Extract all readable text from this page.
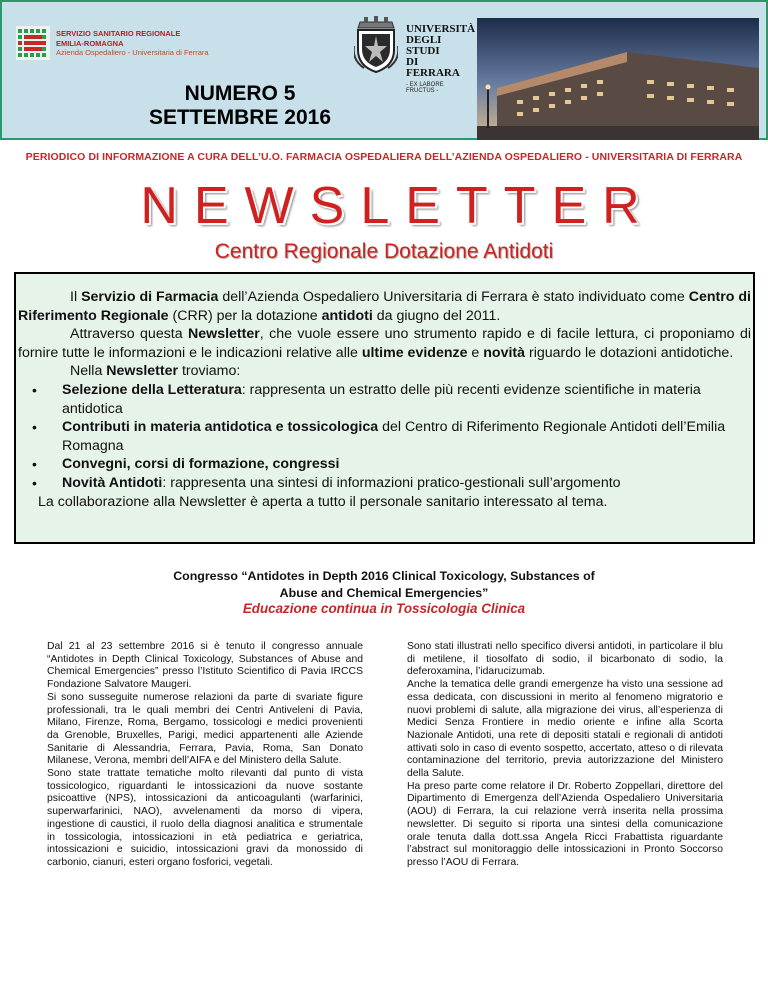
SERVIZIO SANITARIO REGIONALE
EMILIA-ROMAGNA
Azienda Ospedaliero - Universitaria di Ferrara
UNIVERSITÀ
DEGLI STUDI
DI FERRARA
- EX LABORE FRUCTUS -
NUMERO 5
SETTEMBRE 2016
PERIODICO DI INFORMAZIONE A CURA DELL’U.O. FARMACIA OSPEDALIERA DELL’AZIENDA OSPEDALIERO - UNIVERSITARIA DI FERRARA
NEWSLETTER
Centro Regionale Dotazione Antidoti

Il Servizio di Farmacia dell’Azienda Ospedaliero Universitaria di Ferrara è stato individuato come Centro di Riferimento Regionale (CRR) per la dotazione antidoti da giugno del 2011.

Attraverso questa Newsletter, che vuole essere uno strumento rapido e di facile lettura, ci proponiamo di fornire tutte le informazioni e le indicazioni relative alle ultime evidenze e novità riguardo le dotazioni antidotiche.

Nella Newsletter troviamo:

• Selezione della Letteratura: rappresenta un estratto delle più recenti evidenze scientifiche in materia antidotica
• Contributi in materia antidotica e tossicologica del Centro di Riferimento Regionale Antidoti dell’Emilia Romagna
• Convegni, corsi di formazione, congressi
• Novità Antidoti: rappresenta una sintesi di informazioni pratico-gestionali sull’argomento

La collaborazione alla Newsletter è aperta a tutto il personale sanitario interessato al tema.

Congresso “Antidotes in Depth 2016 Clinical Toxicology, Substances of
Abuse and Chemical Emergencies”
Educazione continua in Tossicologia Clinica
Dal 21 al 23 settembre 2016 si è tenuto il congresso annuale “Antidotes in Depth Clinical Toxicology, Substances of Abuse and Chemical Emergencies” presso l’Istituto Scientifico di Pavia IRCCS Fondazione Salvatore Maugeri.
Si sono susseguite numerose relazioni da parte di svariate figure professionali, tra le quali membri dei Centri Antiveleni di Pavia, Milano, Firenze, Roma, Bergamo, tossicologi e medici provenienti da Grenoble, Bruxelles, Parigi, medici appartenenti alle Aziende Sanitarie di Alessandria, Ferrara, Pavia, Roma, San Donato Milanese, Verona, membri dell’AIFA e del Ministero della Salute.
Sono state trattate tematiche molto rilevanti dal punto di vista tossicologico, riguardanti le intossicazioni da nuove sostante psicoattive (NPS), intossicazioni da anticoagulanti (warfarinici, superwarfarinici, NAO), avvelenamenti da morso di vipera, ingestione di caustici, il ruolo della diagnosi analitica e strumentale in tossicologia, intossicazioni in età pediatrica e geriatrica, intossicazioni e suicidio, intossicazioni gravi da monossido di carbonio, cianuri, esteri organo fosforici, vegetali.
Sono stati illustrati nello specifico diversi antidoti, in particolare il blu di metilene, il tiosolfato di sodio, il bicarbonato di sodio, la deferoxamina, l’idarucizumab.
Anche la tematica delle grandi emergenze ha visto una sessione ad essa dedicata, con discussioni in merito al fenomeno migratorio e nuovi problemi di salute, alla migrazione dei virus, all’esperienza di Medici Senza Frontiere in medio oriente e infine alla Scorta Nazionale Antidoti, una rete di depositi statali e regionali di antidoti attivati solo in caso di evento sospetto, accertato, atteso o di rilevata contaminazione del territorio, previa autorizzazione del Ministero della Salute.
Ha preso parte come relatore il Dr. Roberto Zoppellari, direttore del Dipartimento di Emergenza dell’Azienda Ospedaliero Universitaria (AOU) di Ferrara, la cui relazione verrà inserita nella prossima newsletter. Di seguito si riporta una sintesi della comunicazione orale tenuta dalla dott.ssa Angela Ricci Frabattista riguardante l’abstract sul monitoraggio delle intossicazioni in Pronto Soccorso presso l’AOU di Ferrara.
